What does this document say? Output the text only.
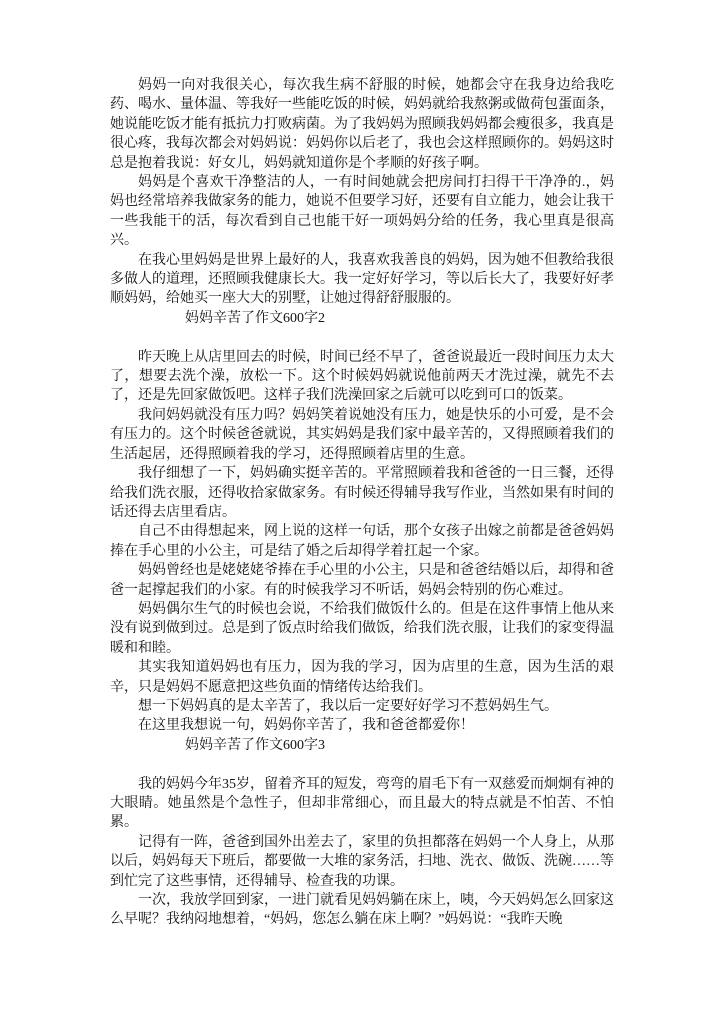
妈妈一向对我很关心，每次我生病不舒服的时候，她都会守在我身边给我吃药、喝水、量体温、等我好一些能吃饭的时候，妈妈就给我熬粥或做荷包蛋面条，她说能吃饭才能有抵抗力打败病菌。为了我妈妈为照顾我妈妈都会瘦很多，我真是很心疼，我每次都会对妈妈说：妈妈你以后老了，我也会这样照顾你的。妈妈这时总是抱着我说：好女儿，妈妈就知道你是个孝顺的好孩子啊。

妈妈是个喜欢干净整洁的人，一有时间她就会把房间打扫得干干净净的.，妈妈也经常培养我做家务的能力，她说不但要学习好，还要有自立能力，她会让我干一些我能干的活，每次看到自己也能干好一项妈妈分给的任务，我心里真是很高兴。

在我心里妈妈是世界上最好的人，我喜欢我善良的妈妈，因为她不但教给我很多做人的道理，还照顾我健康长大。我一定好好学习，等以后长大了，我要好好孝顺妈妈，给她买一座大大的别墅，让她过得舒舒服服的。

妈妈辛苦了作文600字2

昨天晚上从店里回去的时候，时间已经不早了，爸爸说最近一段时间压力太大了，想要去洗个澡，放松一下。这个时候妈妈就说他前两天才洗过澡，就先不去了，还是先回家做饭吧。这样子我们洗澡回家之后就可以吃到可口的饭菜。

我问妈妈就没有压力吗？妈妈笑着说她没有压力，她是快乐的小可爱，是不会有压力的。这个时候爸爸就说，其实妈妈是我们家中最辛苦的，又得照顾着我们的生活起居，还得照顾着我的学习，还得照顾着店里的生意。

我仔细想了一下，妈妈确实挺辛苦的。平常照顾着我和爸爸的一日三餐，还得给我们洗衣服，还得收拾家做家务。有时候还得辅导我写作业，当然如果有时间的话还得去店里看店。

自己不由得想起来，网上说的这样一句话，那个女孩子出嫁之前都是爸爸妈妈捧在手心里的小公主，可是结了婚之后却得学着扛起一个家。

妈妈曾经也是姥姥姥爷捧在手心里的小公主，只是和爸爸结婚以后，却得和爸爸一起撑起我们的小家。有的时候我学习不听话，妈妈会特别的伤心难过。

妈妈偶尔生气的时候也会说，不给我们做饭什么的。但是在这件事情上他从来没有说到做到过。总是到了饭点时给我们做饭，给我们洗衣服，让我们的家变得温暖和和睦。

其实我知道妈妈也有压力，因为我的学习，因为店里的生意，因为生活的艰辛，只是妈妈不愿意把这些负面的情绪传达给我们。

想一下妈妈真的是太辛苦了，我以后一定要好好学习不惹妈妈生气。

在这里我想说一句，妈妈你辛苦了，我和爸爸都爱你！

妈妈辛苦了作文600字3

我的妈妈今年35岁，留着齐耳的短发，弯弯的眉毛下有一双慈爱而炯炯有神的大眼睛。她虽然是个急性子，但却非常细心，而且最大的特点就是不怕苦、不怕累。

记得有一阵，爸爸到国外出差去了，家里的负担都落在妈妈一个人身上，从那以后，妈妈每天下班后，都要做一大堆的家务活，扫地、洗衣、做饭、洗碗……等到忙完了这些事情，还得辅导、检查我的功课。

一次，我放学回到家，一进门就看见妈妈躺在床上，咦，今天妈妈怎么回家这么早呢？我纳闷地想着，“妈妈，您怎么躺在床上啊？”妈妈说：“我昨天晚
